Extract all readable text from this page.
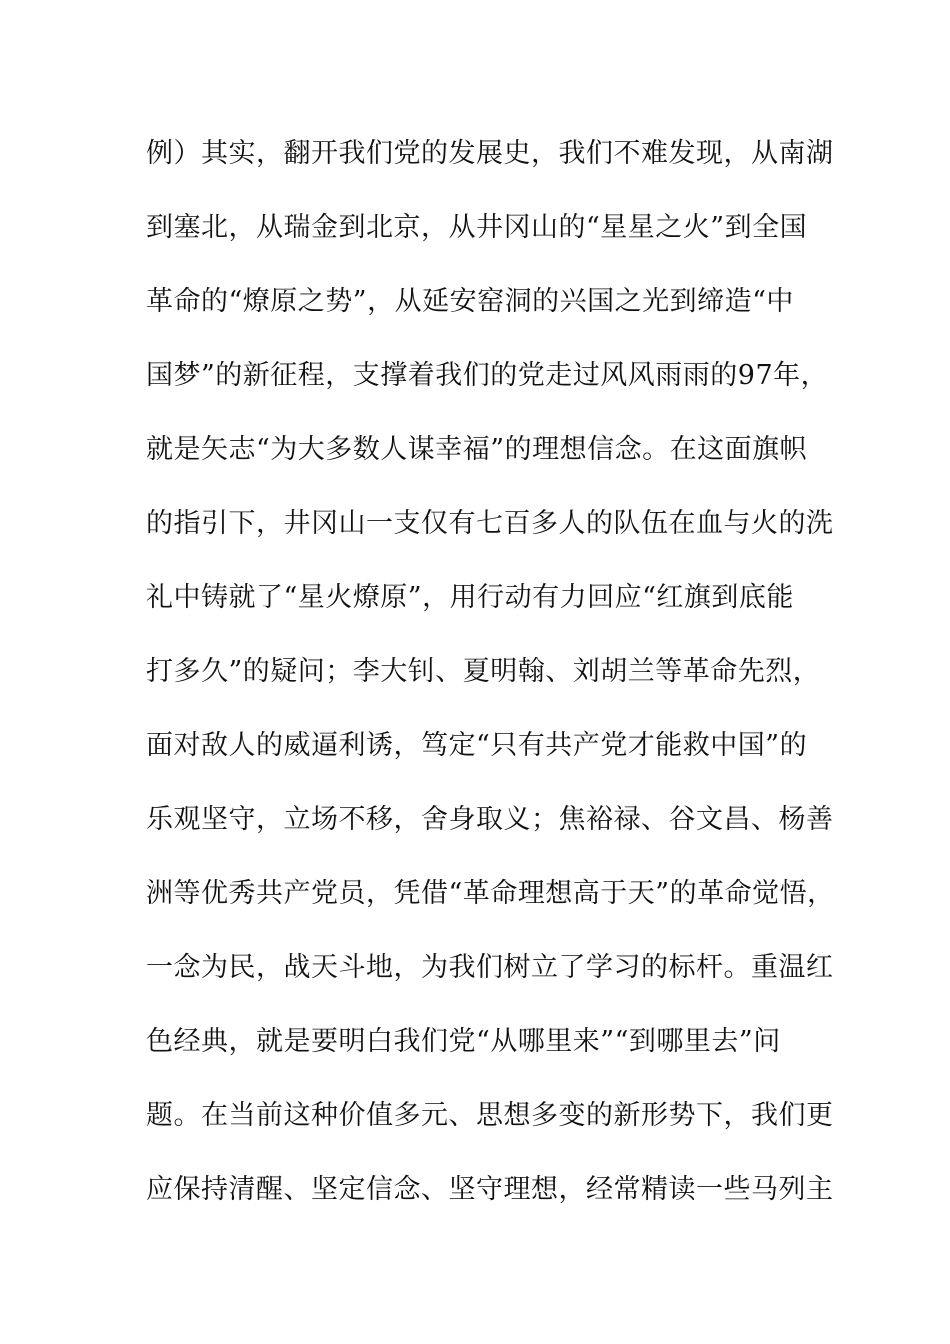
例）其实，翻开我们党的发展史，我们不难发现，从南湖
到塞北，从瑞金到北京，从井冈山的“星星之火”到全国
革命的“燎原之势”，从延安窑洞的兴国之光到缔造“中
国梦”的新征程，支撑着我们的党走过风风雨雨的97年，
就是矢志“为大多数人谋幸福”的理想信念。在这面旗帜
的指引下，井冈山一支仅有七百多人的队伍在血与火的洗
礼中铸就了“星火燎原”，用行动有力回应“红旗到底能
打多久”的疑问；李大钊、夏明翰、刘胡兰等革命先烈，
面对敌人的威逼利诱，笃定“只有共产党才能救中国”的
乐观坚守，立场不移，舍身取义；焦裕禄、谷文昌、杨善
洲等优秀共产党员，凭借“革命理想高于天”的革命觉悟，
一念为民，战天斗地，为我们树立了学习的标杆。重温红
色经典，就是要明白我们党“从哪里来”“到哪里去”问
题。在当前这种价值多元、思想多变的新形势下，我们更
应保持清醒、坚定信念、坚守理想，经常精读一些马列主
